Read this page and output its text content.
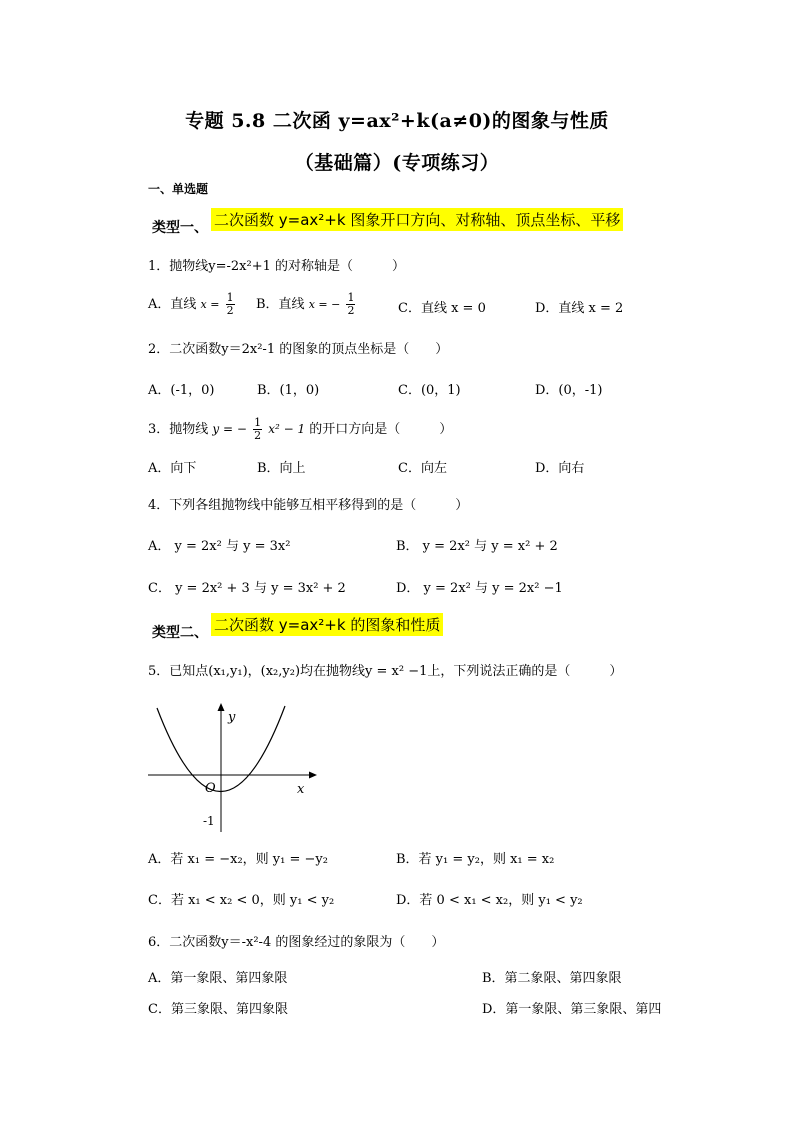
专题 5.8 二次函 y=ax²+k(a≠0)的图象与性质
（基础篇）(专项练习）
一、单选题
类型一、 二次函数 y=ax²+k 图象开口方向、对称轴、顶点坐标、平移
1．抛物线y=-2x²+1 的对称轴是（　　　）
A．直线 $x = \frac{1}{2}$ B．直线 x = − $\frac{1}{2}$	C．直线 x = 0	D．直线 x = 2
2．二次函数y＝2x²-1 的图象的顶点坐标是（　　）
A．(-1，0)	B．(1，0)	C．(0，1)	D．(0，-1)
3．抛物线 y = − $\frac{1}{2} x^2 - 1$ 的开口方向是（　　　）
A．向下	B．向上	C．向左	D．向右
4．下列各组抛物线中能够互相平移得到的是（　　　）
A． y = 2x² 与 y = 3x²	B． y = 2x² 与 y = x² + 2
C． y = 2x² + 3 与 y = 3x² + 2	D． y = 2x² 与 y = 2x² −1
类型二、 二次函数 y=ax²+k 的图象和性质
5．已知点(x₁,y₁)，(x₂,y₂)均在抛物线y = x² −1上，下列说法正确的是（　　　）
y
x
O
-1
A．若 x₁ = −x₂，则 y₁ = −y₂	B．若 y₁ = y₂，则 x₁ = x₂
C．若 x₁ < x₂ < 0，则 y₁ < y₂	D．若 0 < x₁ < x₂，则 y₁ < y₂
6．二次函数y＝-x²-4 的图象经过的象限为（　　）
A．第一象限、第四象限	B．第二象限、第四象限
C．第三象限、第四象限	D．第一象限、第三象限、第四
